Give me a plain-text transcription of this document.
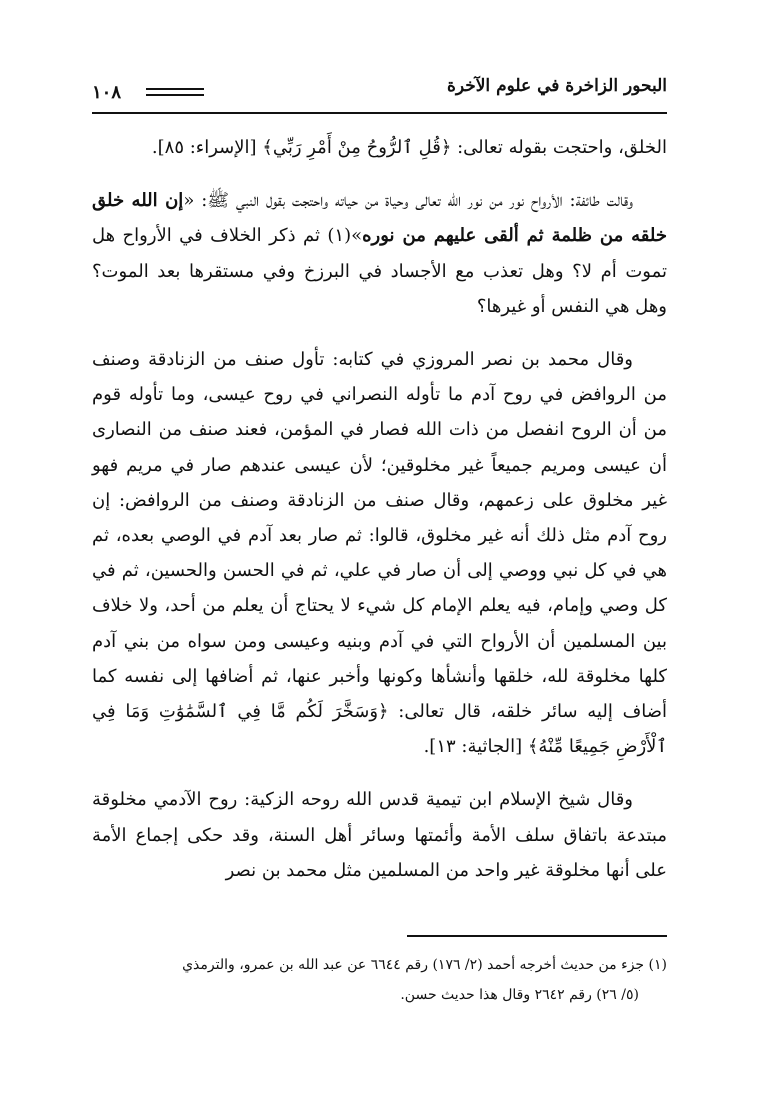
البحور الزاخرة في علوم الآخرة
١٠٨

الخلق، واحتجت بقوله تعالى: ﴿قُلِ ٱلرُّوحُ مِنْ أَمْرِ رَبِّي﴾ [الإسراء: ٨٥].

وقالت طائفة: الأرواح نور من نور الله تعالى وحياة من حياته واحتجت بقول النبي ﷺ: «إن الله خلق خلقه من ظلمة ثم ألقى عليهم من نوره»(١) ثم ذكر الخلاف في الأرواح هل تموت أم لا؟ وهل تعذب مع الأجساد في البرزخ وفي مستقرها بعد الموت؟ وهل هي النفس أو غيرها؟

وقال محمد بن نصر المروزي في كتابه: تأول صنف من الزنادقة وصنف من الروافض في روح آدم ما تأوله النصراني في روح عيسى، وما تأوله قوم من أن الروح انفصل من ذات الله فصار في المؤمن، فعند صنف من النصارى أن عيسى ومريم جميعاً غير مخلوقين؛ لأن عيسى عندهم صار في مريم فهو غير مخلوق على زعمهم، وقال صنف من الزنادقة وصنف من الروافض: إن روح آدم مثل ذلك أنه غير مخلوق، قالوا: ثم صار بعد آدم في الوصي بعده، ثم هي في كل نبي ووصي إلى أن صار في علي، ثم في الحسن والحسين، ثم في كل وصي وإمام، فيه يعلم الإمام كل شيء لا يحتاج أن يعلم من أحد، ولا خلاف بين المسلمين أن الأرواح التي في آدم وبنيه وعيسى ومن سواه من بني آدم كلها مخلوقة لله، خلقها وأنشأها وكونها وأخبر عنها، ثم أضافها إلى نفسه كما أضاف إليه سائر خلقه، قال تعالى: ﴿وَسَخَّرَ لَكُم مَّا فِي ٱلسَّمَٰوَٰتِ وَمَا فِي ٱلْأَرْضِ جَمِيعًا مِّنْهُ﴾ [الجاثية: ١٣].

وقال شيخ الإسلام ابن تيمية قدس الله روحه الزكية: روح الآدمي مخلوقة مبتدعة باتفاق سلف الأمة وأئمتها وسائر أهل السنة، وقد حكى إجماع الأمة على أنها مخلوقة غير واحد من المسلمين مثل محمد بن نصر

(١) جزء من حديث أخرجه أحمد (٢/ ١٧٦) رقم ٦٦٤٤ عن عبد الله بن عمرو، والترمذي

(٥/ ٢٦) رقم ٢٦٤٢ وقال هذا حديث حسن.
